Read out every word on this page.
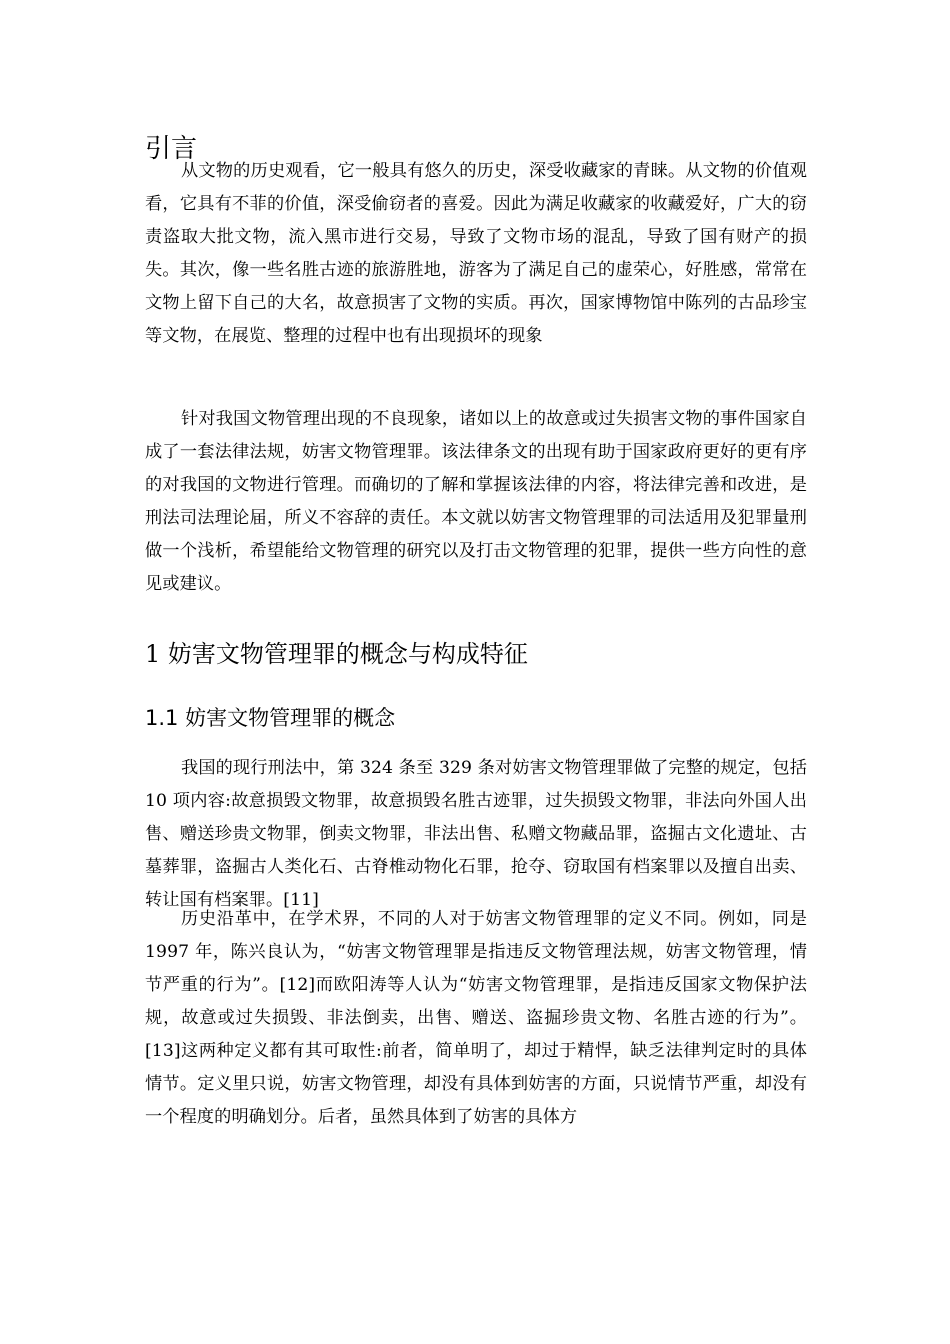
引言

从文物的历史观看，它一般具有悠久的历史，深受收藏家的青睐。从文物的价值观看，它具有不菲的价值，深受偷窃者的喜爱。因此为满足收藏家的收藏爱好，广大的窃责盗取大批文物，流入黑市进行交易，导致了文物市场的混乱，导致了国有财产的损失。其次，像一些名胜古迹的旅游胜地，游客为了满足自己的虚荣心，好胜感，常常在文物上留下自己的大名，故意损害了文物的实质。再次，国家博物馆中陈列的古品珍宝等文物，在展览、整理的过程中也有出现损坏的现象

针对我国文物管理出现的不良现象，诸如以上的故意或过失损害文物的事件国家自成了一套法律法规，妨害文物管理罪。该法律条文的出现有助于国家政府更好的更有序的对我国的文物进行管理。而确切的了解和掌握该法律的内容，将法律完善和改进，是刑法司法理论届，所义不容辞的责任。本文就以妨害文物管理罪的司法适用及犯罪量刑做一个浅析，希望能给文物管理的研究以及打击文物管理的犯罪，提供一些方向性的意见或建议。

1 妨害文物管理罪的概念与构成特征
1.1 妨害文物管理罪的概念

我国的现行刑法中，第 324 条至 329 条对妨害文物管理罪做了完整的规定，包括 10 项内容:故意损毁文物罪，故意损毁名胜古迹罪，过失损毁文物罪，非法向外国人出售、赠送珍贵文物罪，倒卖文物罪，非法出售、私赠文物藏品罪，盗掘古文化遗址、古墓葬罪，盗掘古人类化石、古脊椎动物化石罪，抢夺、窃取国有档案罪以及擅自出卖、转让国有档案罪。[11]

历史沿革中，在学术界，不同的人对于妨害文物管理罪的定义不同。例如，同是 1997 年，陈兴良认为，“妨害文物管理罪是指违反文物管理法规，妨害文物管理，情节严重的行为”。[12]而欧阳涛等人认为“妨害文物管理罪，是指违反国家文物保护法规，故意或过失损毁、非法倒卖，出售、赠送、盗掘珍贵文物、名胜古迹的行为”。[13]这两种定义都有其可取性:前者，简单明了，却过于精悍，缺乏法律判定时的具体情节。定义里只说，妨害文物管理，却没有具体到妨害的方面，只说情节严重，却没有一个程度的明确划分。后者，虽然具体到了妨害的具体方
